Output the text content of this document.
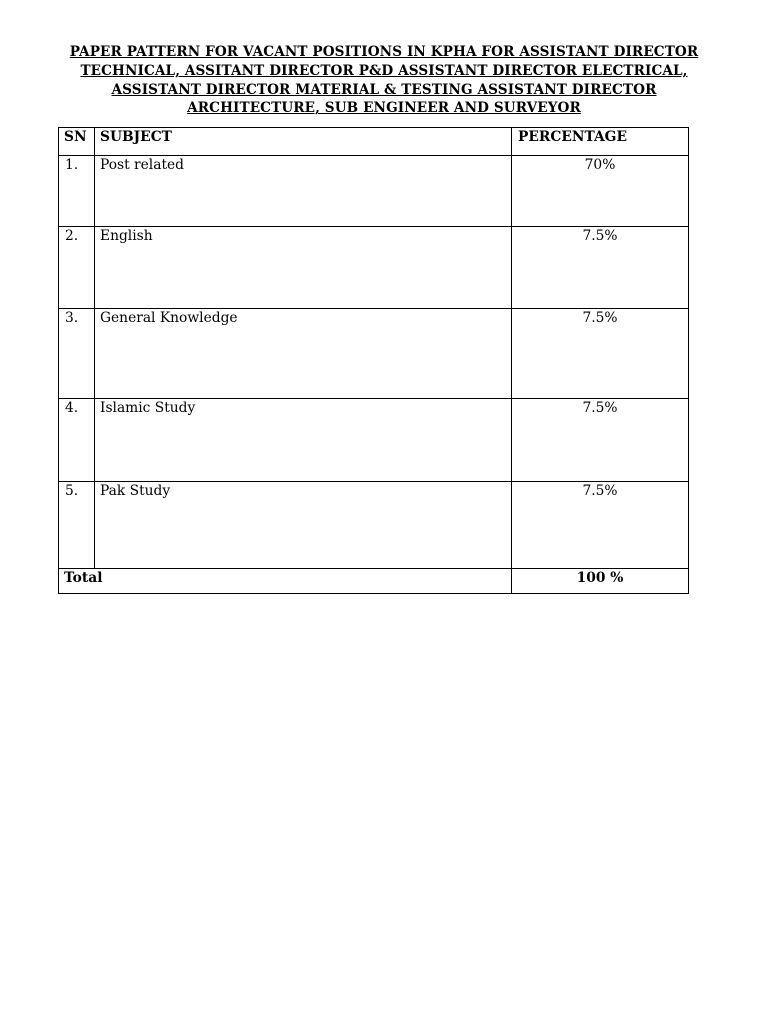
PAPER PATTERN FOR VACANT POSITIONS IN KPHA FOR ASSISTANT DIRECTOR TECHNICAL, ASSITANT DIRECTOR P&D ASSISTANT DIRECTOR ELECTRICAL, ASSISTANT DIRECTOR MATERIAL & TESTING ASSISTANT DIRECTOR ARCHITECTURE, SUB ENGINEER AND SURVEYOR
SN	SUBJECT	PERCENTAGE
1.	Post related	70%
2.	English	7.5%
3.	General Knowledge	7.5%
4.	Islamic Study	7.5%
5.	Pak Study	7.5%
Total		100 %
